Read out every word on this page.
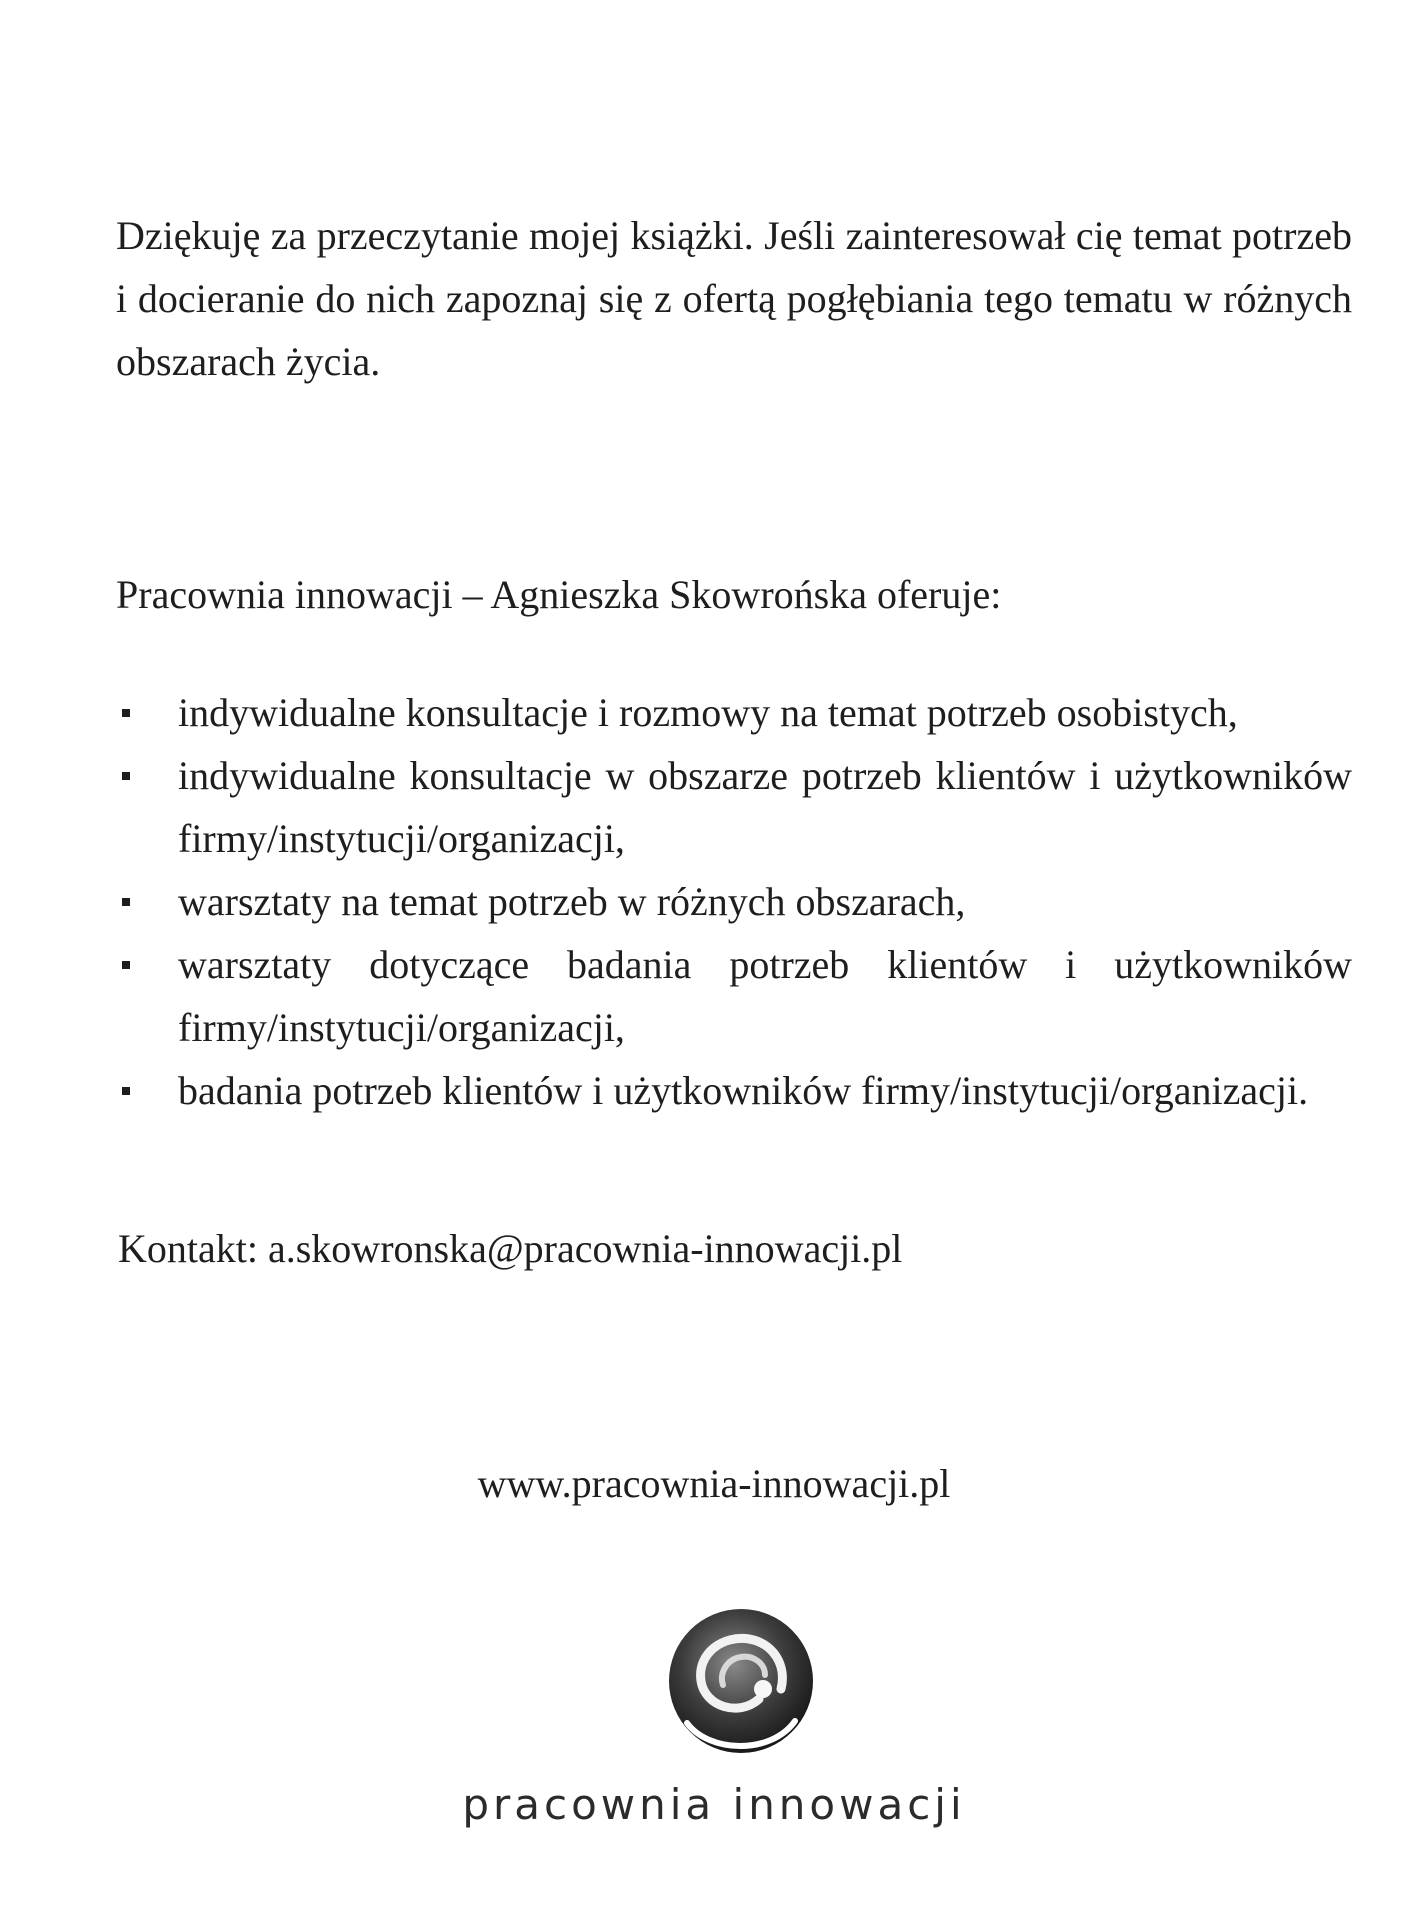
Dziękuję za przeczytanie mojej książki. Jeśli zainteresował cię temat potrzeb i docieranie do nich zapoznaj się z ofertą pogłębiania tego tematu w różnych obszarach życia.

Pracownia innowacji – Agnieszka Skowrońska oferuje:

indywidualne konsultacje i rozmowy na temat potrzeb osobistych,
indywidualne konsultacje w obszarze potrzeb klientów i użytkowników firmy/instytucji/organizacji,
warsztaty na temat potrzeb w różnych obszarach,
warsztaty dotyczące badania potrzeb klientów i użytkowników firmy/instytucji/organizacji,
badania potrzeb klientów i użytkowników firmy/instytucji/organizacji.

Kontakt: a.skowronska@pracownia-innowacji.pl

www.pracownia-innowacji.pl

pracownia innowacji
